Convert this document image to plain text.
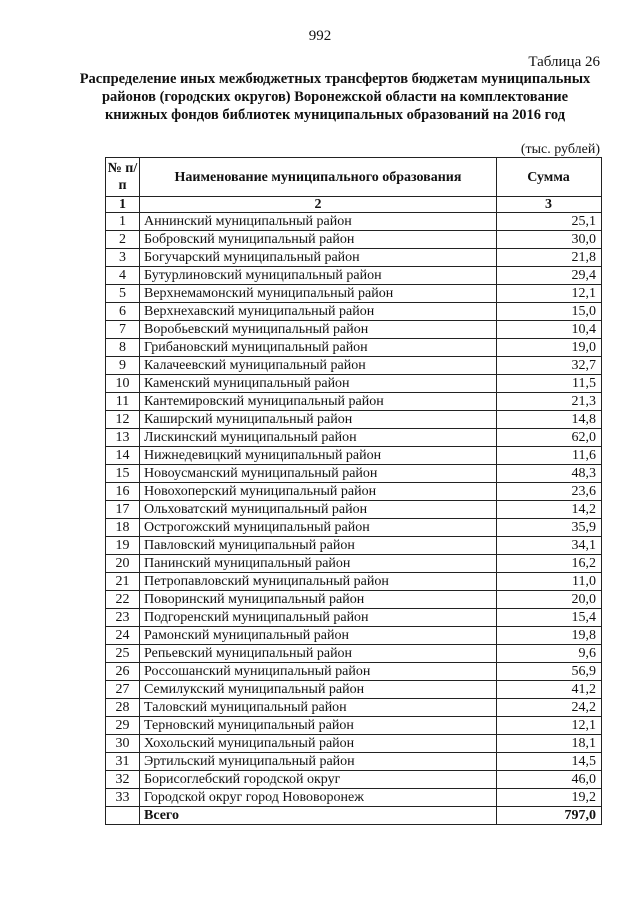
992
Таблица 26
Распределение иных межбюджетных трансфертов бюджетам муниципальных районов (городских округов) Воронежской области на комплектование книжных фондов библиотек муниципальных образований на 2016 год
(тыс. рублей)
№ п/п	Наименование муниципального образования	Сумма
1	2	3
1	Аннинский муниципальный район	25,1
2	Бобровский муниципальный район	30,0
3	Богучарский муниципальный район	21,8
4	Бутурлиновский муниципальный район	29,4
5	Верхнемамонский муниципальный район	12,1
6	Верхнехавский муниципальный район	15,0
7	Воробьевский муниципальный район	10,4
8	Грибановский муниципальный район	19,0
9	Калачеевский муниципальный район	32,7
10	Каменский муниципальный район	11,5
11	Кантемировский муниципальный район	21,3
12	Каширский муниципальный район	14,8
13	Лискинский муниципальный район	62,0
14	Нижнедевицкий муниципальный район	11,6
15	Новоусманский муниципальный район	48,3
16	Новохоперский муниципальный район	23,6
17	Ольховатский муниципальный район	14,2
18	Острогожский муниципальный район	35,9
19	Павловский муниципальный район	34,1
20	Панинский муниципальный район	16,2
21	Петропавловский муниципальный район	11,0
22	Поворинский муниципальный район	20,0
23	Подгоренский муниципальный район	15,4
24	Рамонский муниципальный район	19,8
25	Репьевский муниципальный район	9,6
26	Россошанский муниципальный район	56,9
27	Семилукский муниципальный район	41,2
28	Таловский муниципальный район	24,2
29	Терновский муниципальный район	12,1
30	Хохольский муниципальный район	18,1
31	Эртильский муниципальный район	14,5
32	Борисоглебский городской округ	46,0
33	Городской округ город Нововоронеж	19,2
	Всего	797,0
